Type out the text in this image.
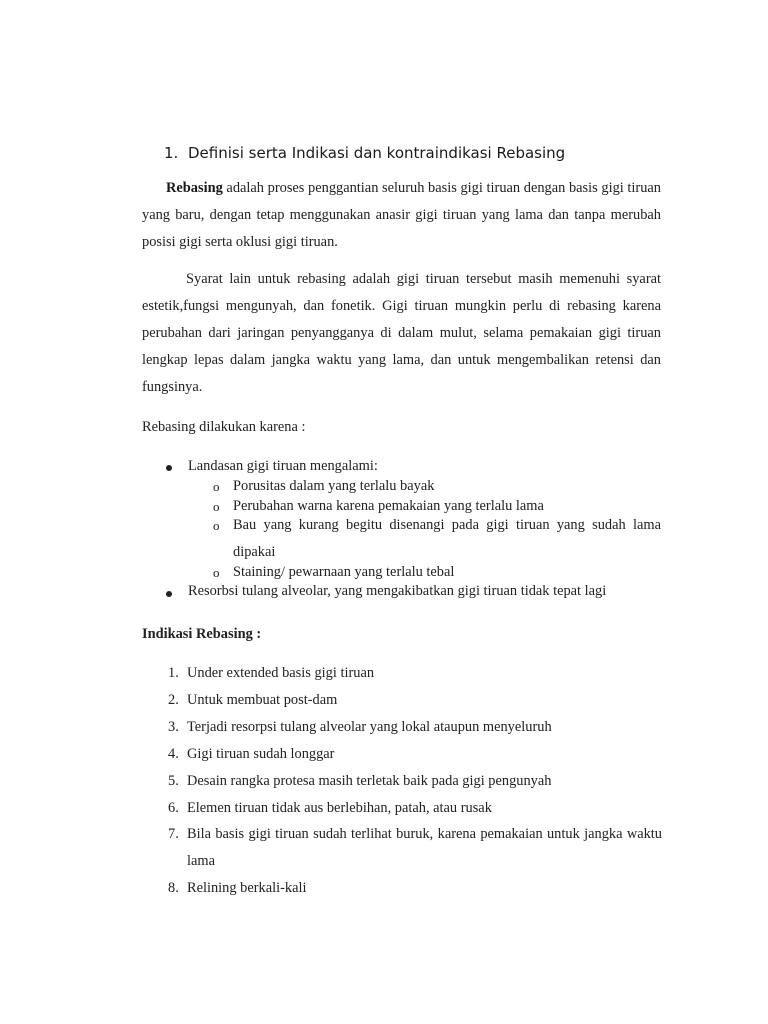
1. Definisi serta Indikasi dan kontraindikasi Rebasing

Rebasing adalah proses penggantian seluruh basis gigi tiruan dengan basis gigi tiruan yang baru, dengan tetap menggunakan anasir gigi tiruan yang lama dan tanpa merubah posisi gigi serta oklusi gigi tiruan.

Syarat lain untuk rebasing adalah gigi tiruan tersebut masih memenuhi syarat estetik,fungsi mengunyah, dan fonetik. Gigi tiruan mungkin perlu di rebasing karena perubahan dari jaringan penyangganya di dalam mulut, selama pemakaian gigi tiruan lengkap lepas dalam jangka waktu yang lama, dan untuk mengembalikan retensi dan fungsinya.

Rebasing dilakukan karena :
Landasan gigi tiruan mengalami:
o Porusitas dalam yang terlalu bayak
o Perubahan warna karena pemakaian yang terlalu lama
o Bau yang kurang begitu disenangi pada gigi tiruan yang sudah lama dipakai
o Staining/ pewarnaan yang terlalu tebal
Resorbsi tulang alveolar, yang mengakibatkan gigi tiruan tidak tepat lagi
Indikasi Rebasing :
1. Under extended basis gigi tiruan
2. Untuk membuat post-dam
3. Terjadi resorpsi tulang alveolar yang lokal ataupun menyeluruh
4. Gigi tiruan sudah longgar
5. Desain rangka protesa masih terletak baik pada gigi pengunyah
6. Elemen tiruan tidak aus berlebihan, patah, atau rusak
7. Bila basis gigi tiruan sudah terlihat buruk, karena pemakaian untuk jangka waktu lama
8. Relining berkali-kali
